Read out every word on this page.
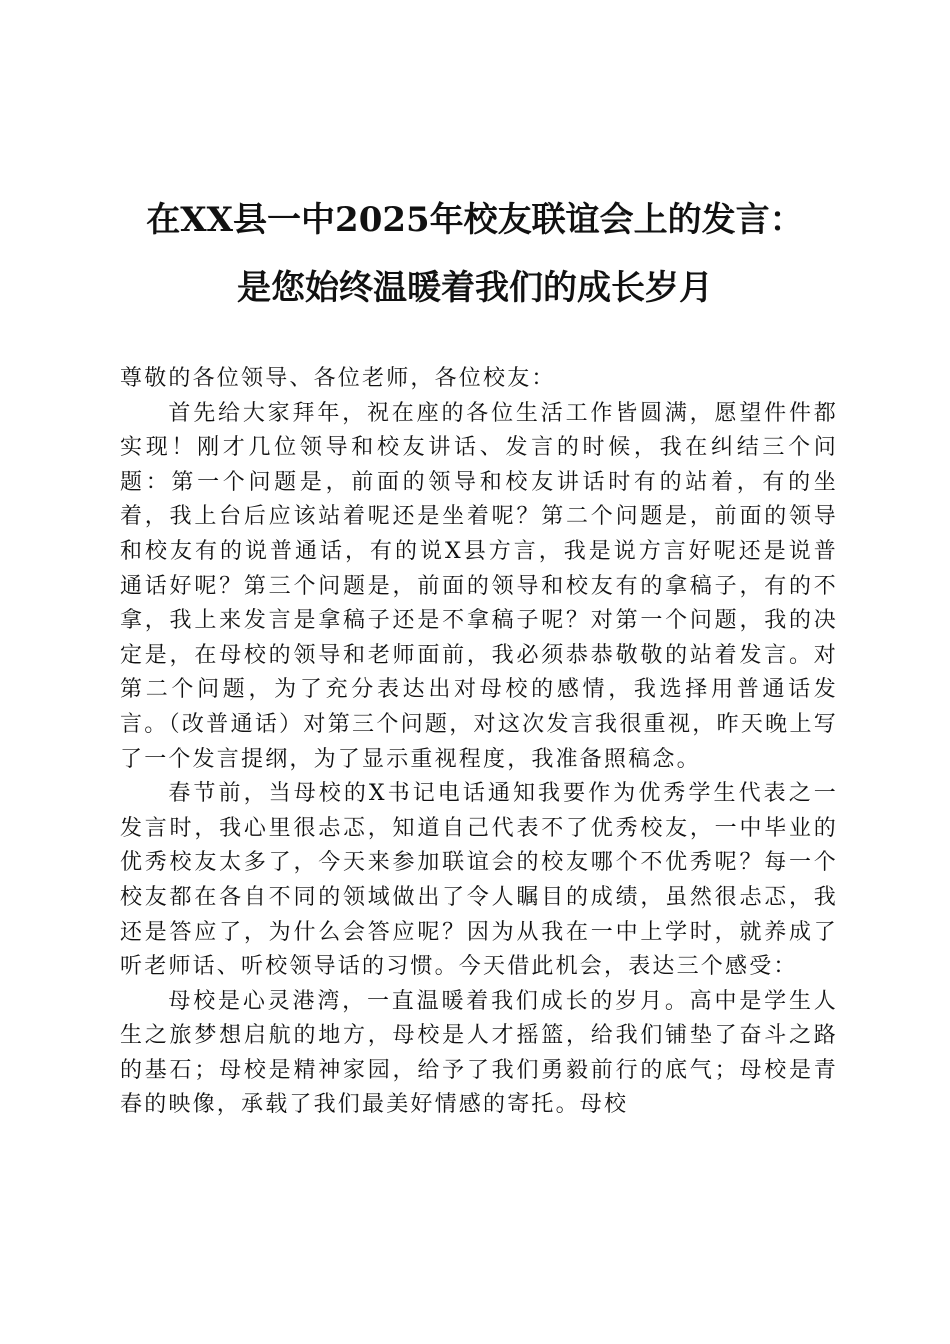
在XX县一中2025年校友联谊会上的发言：
是您始终温暖着我们的成长岁月

尊敬的各位领导、各位老师，各位校友：

首先给大家拜年，祝在座的各位生活工作皆圆满，愿望件件都实现！刚才几位领导和校友讲话、发言的时候，我在纠结三个问题：第一个问题是，前面的领导和校友讲话时有的站着，有的坐着，我上台后应该站着呢还是坐着呢？第二个问题是，前面的领导和校友有的说普通话，有的说X县方言，我是说方言好呢还是说普通话好呢？第三个问题是，前面的领导和校友有的拿稿子，有的不拿，我上来发言是拿稿子还是不拿稿子呢？对第一个问题，我的决定是，在母校的领导和老师面前，我必须恭恭敬敬的站着发言。对第二个问题，为了充分表达出对母校的感情，我选择用普通话发言。（改普通话）对第三个问题，对这次发言我很重视，昨天晚上写了一个发言提纲，为了显示重视程度，我准备照稿念。

春节前，当母校的X书记电话通知我要作为优秀学生代表之一发言时，我心里很忐忑，知道自己代表不了优秀校友，一中毕业的优秀校友太多了，今天来参加联谊会的校友哪个不优秀呢？每一个校友都在各自不同的领域做出了令人瞩目的成绩，虽然很忐忑，我还是答应了，为什么会答应呢？因为从我在一中上学时，就养成了听老师话、听校领导话的习惯。今天借此机会，表达三个感受：

母校是心灵港湾，一直温暖着我们成长的岁月。高中是学生人生之旅梦想启航的地方，母校是人才摇篮，给我们铺垫了奋斗之路的基石；母校是精神家园，给予了我们勇毅前行的底气；母校是青春的映像，承载了我们最美好情感的寄托。母校
